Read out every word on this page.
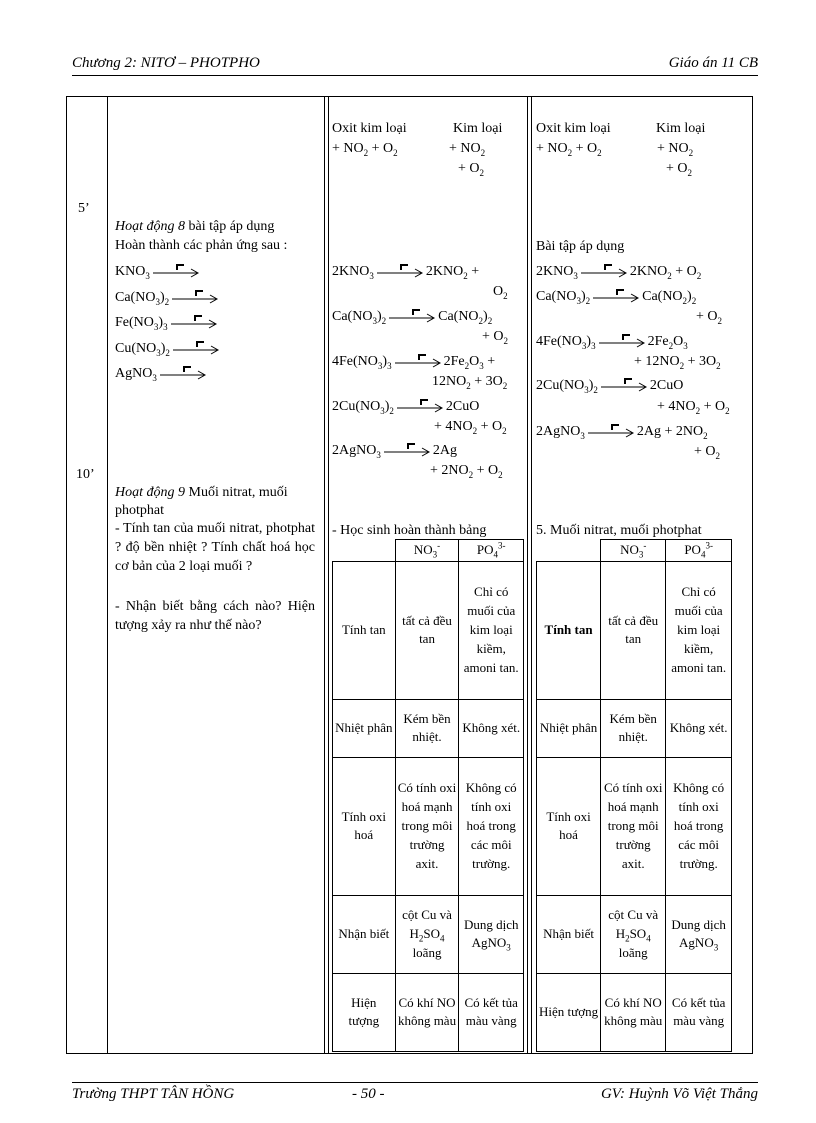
Chương 2: NITƠ – PHOTPHO	Giáo án 11 CB
5’
10’
Oxit kim loại	Kim loại
+ $NO_2 + O_2$	+ $NO_2$
+ $O_2$
Oxit kim loại	Kim loại
+ $NO_2 + O_2$	+ $NO_2$
+ $O_2$
Hoạt động 8 bài tập áp dụng
Hoàn thành các phản ứng sau :
$KNO_3$ →
$Ca(NO_3)_2$ →
$Fe(NO_3)_3$ →
$Cu(NO_3)_2$ →
AgNO$_3$ →
$2KNO_3 \to 2KNO_2$ +
$O_2$
$Ca(NO_3)_2 \to Ca(NO_2)_2$
+ $O_2$
$4Fe(NO_3)_3 \to 2Fe_2O_3$ +
$12NO_2 + 3O_2$
$2Cu(NO_3)_2 \to 2CuO$
+ $4NO_2 + O_2$
2AgNO$_3$ → 2Ag
+ $2NO_2 + O_2$
Bài tập áp dụng
$2KNO_3 \to 2KNO_2 + O_2$
$Ca(NO_3)_2 \to Ca(NO_2)_2$
+ $O_2$
$4Fe(NO_3)_3 \to 2Fe_2O_3$
+ $12NO_2 + 3O_2$
$2Cu(NO_3)_2 \to 2CuO$
+ $4NO_2 + O_2$
2AgNO$_3$ → $2Ag + 2NO_2$
+ $O_2$
Hoạt động 9 Muối nitrat, muối
photphat
- Tính tan của muối nitrat, photphat ? độ bền nhiệt ? Tính chất hoá học cơ bản của 2 loại muối ?
- Nhận biết bằng cách nào? Hiện tượng xảy ra như thế nào?
- Học sinh hoàn thành bảng	5. Muối nitrat, muối photphat
	$NO_3^-$	$PO_4^{3-}$
Tính tan	tất cả đều tan	Chỉ có muối của kim loại kiềm, amoni tan.
Nhiệt phân	Kém bền nhiệt.	Không xét.
Tính oxi hoá	Có tính oxi hoá mạnh trong môi trường axit.	Không có tính oxi hoá trong các môi trường.
Nhận biết	cột Cu và
$H_2SO_4$
loãng	Dung dịch
AgNO$_3$
Hiện tượng	Có khí NO không màu	Có kết tủa màu vàng
	$NO_3^-$	$PO_4^{3-}$
Tính tan	tất cả đều tan	Chỉ có muối của kim loại kiềm, amoni tan.
Nhiệt phân	Kém bền nhiệt.	Không xét.
Tính oxi hoá	Có tính oxi hoá mạnh trong môi trường axit.	Không có tính oxi hoá trong các môi trường.
Nhận biết	cột Cu và
$H_2SO_4$
loãng	Dung dịch
AgNO$_3$
Hiện tượng	Có khí NO không màu	Có kết tủa màu vàng
Trường THPT TÂN HỒNG	- 50 -	GV: Huỳnh Võ Việt Thắng
